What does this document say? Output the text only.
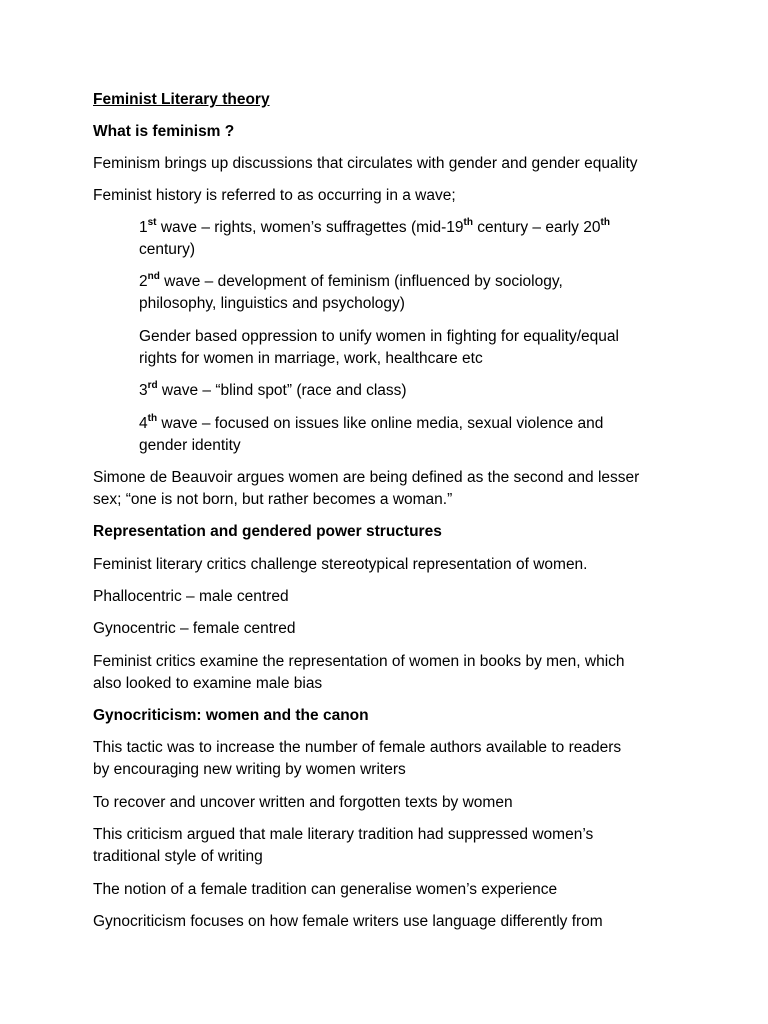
Feminist Literary theory

What is feminism ?

Feminism brings up discussions that circulates with gender and gender equality

Feminist history is referred to as occurring in a wave;

1st wave – rights, women’s suffragettes (mid-19th century – early 20th

century)

2nd wave – development of feminism (influenced by sociology,

philosophy, linguistics and psychology)

Gender based oppression to unify women in fighting for equality/equal

rights for women in marriage, work, healthcare etc

3rd wave – “blind spot” (race and class)

4th wave – focused on issues like online media, sexual violence and

gender identity

Simone de Beauvoir argues women are being defined as the second and lesser

sex; “one is not born, but rather becomes a woman.”

Representation and gendered power structures

Feminist literary critics challenge stereotypical representation of women.

Phallocentric – male centred

Gynocentric – female centred

Feminist critics examine the representation of women in books by men, which

also looked to examine male bias

Gynocriticism: women and the canon

This tactic was to increase the number of female authors available to readers

by encouraging new writing by women writers

To recover and uncover written and forgotten texts by women

This criticism argued that male literary tradition had suppressed women’s

traditional style of writing

The notion of a female tradition can generalise women’s experience

Gynocriticism focuses on how female writers use language differently from
